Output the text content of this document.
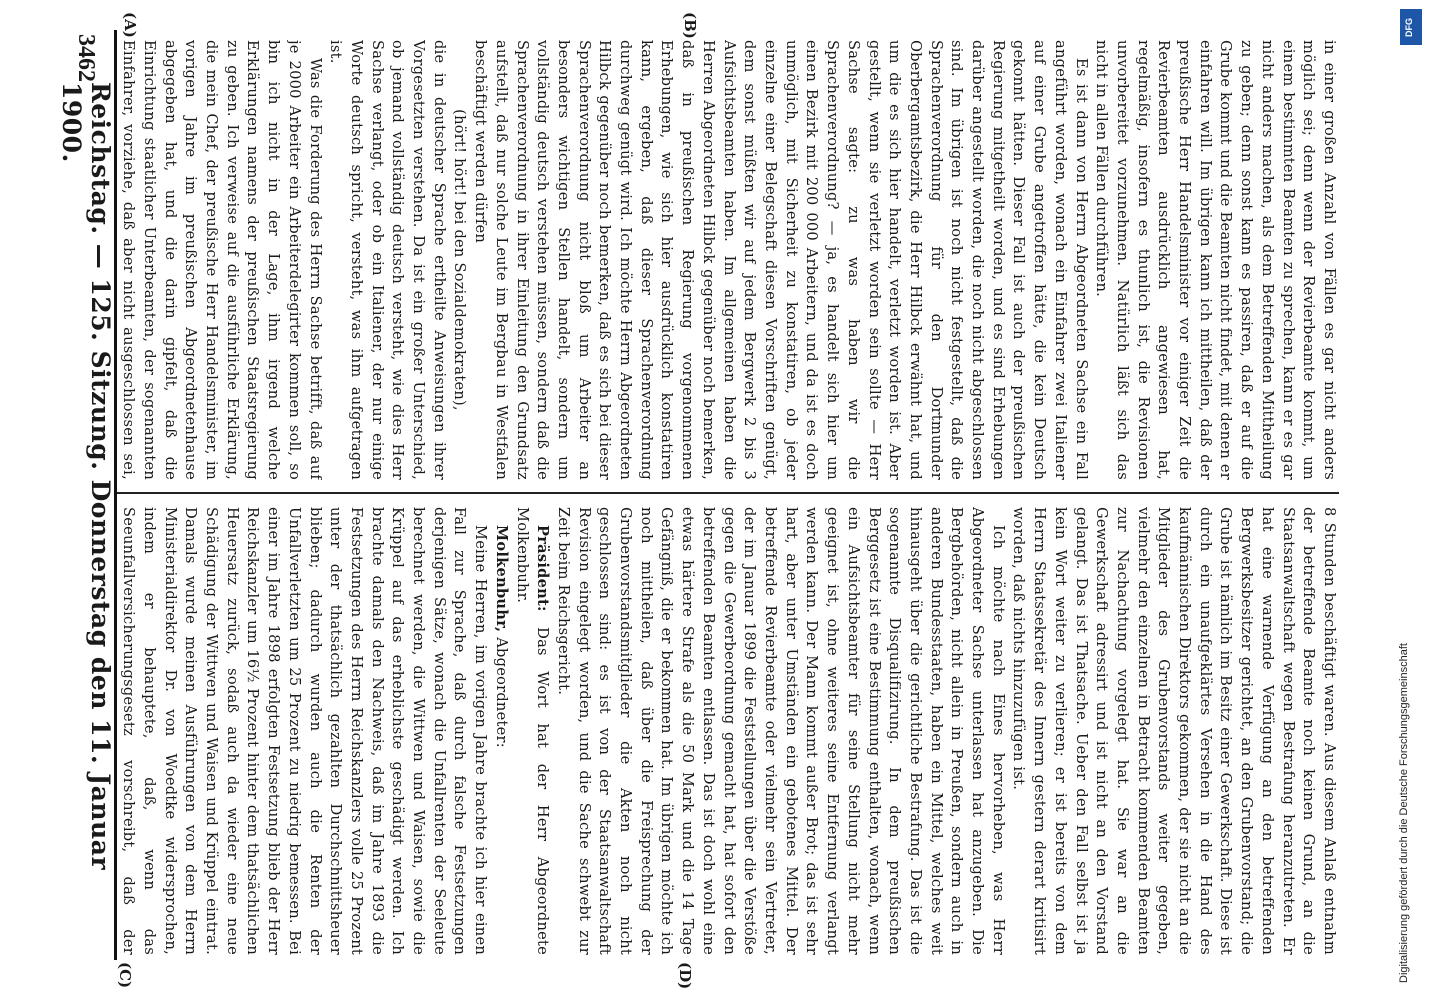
(A)	(B)
(C)	(D)

in einer großen Anzahl von Fällen es gar nicht anders möglich sei; denn wenn der Revierbeamte kommt, um einem bestimmten Beamten zu sprechen, kann er es gar nicht anders machen, als dem Betreffenden Mittheilung zu geben; denn sonst kann es passiren, daß er auf die Grube kommt und die Beamten nicht findet, mit denen er einfahren will. Im übrigen kann ich mittheilen, daß der preußische Herr Handelsminister vor einiger Zeit die Revierbeamten ausdrücklich angewiesen hat, regelmäßig, insofern es thunlich ist, die Revisionen unvorbereitet vorzunehmen. Natürlich läßt sich das nicht in allen Fällen durchführen.

Es ist dann von Herrn Abgeordneten Sachse ein Fall angeführt worden, wonach ein Einfahrer zwei Italiener auf einer Grube angetroffen hätte, die kein Deutsch gekonnt hätten. Dieser Fall ist auch der preußischen Regierung mitgetheilt worden, und es sind Erhebungen darüber angestellt worden, die noch nicht abgeschlossen sind. Im übrigen ist noch nicht festgestellt, daß die Sprachenverordnung für den Dortmunder Oberbergamtsbezirk, die Herr Hilbck erwähnt hat, und um die es sich hier handelt, verletzt worden ist. Aber gestellt, wenn sie verletzt worden sein sollte — Herr Sachse sagte: zu was haben wir die Sprachenverordnung? — ja, es handelt sich hier um einen Bezirk mit 200 000 Arbeitern, und da ist es doch unmöglich, mit Sicherheit zu konstatiren, ob jeder einzelne einer Belegschaft diesen Vorschriften genügt, dem sonst müßten wir auf jedem Bergwerk 2 bis 3 Aufsichtsbeamten haben. Im allgemeinen haben die Herren Abgeordneten Hilbck gegenüber noch bemerken, daß in preußischen Regierung vorgenommenen Erhebungen, wie sich hier ausdrücklich konstatiren kann, ergeben, daß dieser Sprachenverordnung durchweg genügt wird. Ich möchte Herrn Abgeordneten Hilbck gegenüber noch bemerken, daß es sich bei dieser Sprachenverordnung nicht bloß um Arbeiter an besonders wichtigen Stellen handelt, sondern um vollständig deutsch verstehen müssen, sondern daß die Sprachenverordnung in ihrer Einleitung den Grundsatz aufstellt, daß nur solche Leute im Bergbau in Westfalen beschäftigt werden dürfen

(hört! hört! bei den Sozialdemokraten),

die in deutscher Sprache ertheilte Anweisungen ihrer Vorgesetzten verstehen. Da ist ein großer Unterschied, ob jemand vollständig deutsch versteht, wie dies Herr Sachse verlangt, oder ob ein Italiener, der nur einige Worte deutsch spricht, versteht, was ihm aufgetragen ist.

Was die Forderung des Herrn Sachse betrifft, daß auf je 2000 Arbeiter ein Arbeiterdelegirter kommen soll, so bin ich nicht in der Lage, ihm irgend welche Erklärungen namens der preußischen Staatsregierung zu geben. Ich verweise auf die ausführliche Erklärung, die mein Chef, der preußische Herr Handelsminister, im vorigen Jahre im preußischen Abgeordnetenhause abgegeben hat, und die darin gipfelt, daß die Einrichtung staatlicher Unterbeamten, der sogenannten Einfahrer, vorziehe, daß aber nicht ausgeschlossen sei,

8 Stunden beschäftigt waren. Aus diesem Anlaß entnahm der betreffende Beamte noch keinen Grund, an die Staatsanwaltschaft wegen Bestrafung heranzutreten. Er hat eine warnende Verfügung an den betreffenden Bergwerksbesitzer gerichtet, an den Grubenvorstand; die Grube ist nämlich im Besitz einer Gewerkschaft. Diese ist durch ein unaufgeklärtes Versehen in die Hand des kaufmännischen Direktors gekommen, der sie nicht an die Mitglieder des Grubenvorstands weiter gegeben, vielmehr den einzelnen in Betracht kommenden Beamten zur Nachachtung vorgelegt hat. Sie war an die Gewerkschaft adressirt und ist nicht an den Vorstand gelangt. Das ist Thatsache. Ueber den Fall selbst ist ja kein Wort weiter zu verlieren; er ist bereits von dem Herrn Staatssekretär des Innern gestern derart kritisirt worden, daß nichts hinzuzufügen ist.

Ich möchte nach Eines hervorheben, was Herr Abgeordneter Sachse unterlassen hat anzugeben. Die Bergbehörden, nicht allein in Preußen, sondern auch in anderen Bundesstaaten, haben ein Mittel, welches weit hinausgeht über die gerichtliche Bestrafung. Das ist die sogenannte Disqualifizirung. In dem preußischen Berggesetz ist eine Bestimmung enthalten, wonach, wenn ein Aufsichtsbeamter für seine Stellung nicht mehr geeignet ist, ohne weiteres seine Entfernung verlangt werden kann. Der Mann kommt außer Brot; das ist sehr hart, aber unter Umständen ein gebotenes Mittel. Der betreffende Revierbeamte oder vielmehr sein Vertreter, der im Januar 1899 die Feststellungen über die Verstöße gegen die Gewerbeordnung gemacht hat, hat sofort den betreffenden Beamten entlassen. Das ist doch wohl eine etwas härtere Strafe als die 50 Mark und die 14 Tage Gefängniß, die er bekommen hat. Im übrigen möchte ich noch mittheilen, daß über die Freisprechung der Grubenvorstandsmitglieder die Akten noch nicht geschlossen sind: es ist von der Staatsanwaltschaft Revision eingelegt worden, und die Sache schwebt zur Zeit beim Reichsgericht.

Präsident: Das Wort hat der Herr Abgeordnete Molkenbuhr.

Molkenbuhr, Abgeordneter:

Meine Herren, im vorigen Jahre brachte ich hier einen Fall zur Sprache, daß durch falsche Festsetzungen derjenigen Sätze, wonach die Unfallrenten der Seeleute berechnet werden, die Wittwen und Waisen, sowie die Krüppel auf das erheblichste geschädigt werden. Ich brachte damals den Nachweis, daß im Jahre 1893 die Festsetzungen des Herrn Reichskanzlers volle 25 Prozent unter der thatsächlich gezahlten Durchschnittsheuer blieben; dadurch wurden auch die Renten der Unfallverletzten um 25 Prozent zu niedrig bemessen. Bei einer im Jahre 1898 erfolgten Festsetzung blieb der Herr Reichskanzler um 16½ Prozent hinter dem thatsächlichen Heuersatz zurück, sodaß auch da wieder eine neue Schädigung der Wittwen und Waisen und Krüppel eintrat. Damals wurde meinen Ausführungen von dem Herrn Ministerialdirektor Dr. von Woedtke widersprochen, indem er behauptete, daß, wenn das Seeunfallversicherungsgesetz vorschreibt, daß der

3462
Reichstag. — 125. Sitzung. Donnerstag den 11. Januar 1900.
DFG
Digitalisierung gefördert durch die Deutsche Forschungsgemeinschaft
